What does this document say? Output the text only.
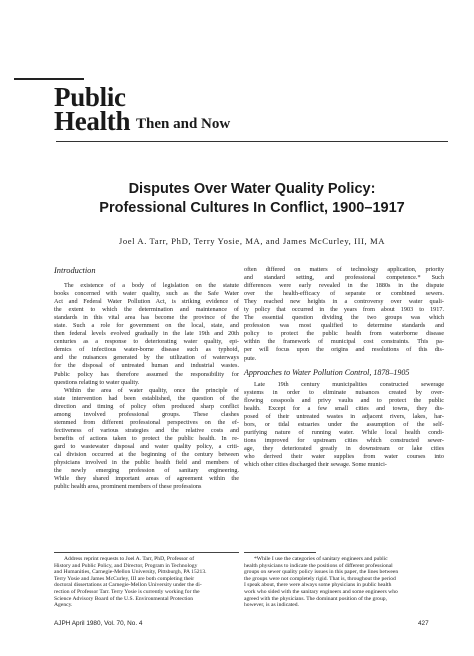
Public
Health Then and Now
Disputes Over Water Quality Policy:
Professional Cultures In Conflict, 1900–1917
Joel A. Tarr, PhD, Terry Yosie, MA, and James McCurley, III, MA
Introduction
The existence of a body of legislation on the statute
books concerned with water quality, such as the Safe Water
Act and Federal Water Pollution Act, is striking evidence of
the extent to which the determination and maintenance of
standards in this vital area has become the province of the
state. Such a role for government on the local, state, and
then federal levels evolved gradually in the late 19th and 20th
centuries as a response to deteriorating water quality, epi-
demics of infectious water-borne disease such as typhoid,
and the nuisances generated by the utilization of waterways
for the disposal of untreated human and industrial wastes.
Public policy has therefore assumed the responsibility for
questions relating to water quality.
Within the area of water quality, once the principle of
state intervention had been established, the question of the
direction and timing of policy often produced sharp conflict
among involved professional groups. These clashes
stemmed from different professional perspectives on the ef-
fectiveness of various strategies and the relative costs and
benefits of actions taken to protect the public health. In re-
gard to wastewater disposal and water quality policy, a criti-
cal division occurred at the beginning of the century between
physicians involved in the public health field and members of
the newly emerging profession of sanitary engineering.
While they shared important areas of agreement within the
public health area, prominent members of these professions
often differed on matters of technology application, priority
and standard setting, and professional competence.* Such
differences were early revealed in the 1880s in the dispute
over the health-efficacy of separate or combined sewers.
They reached new heights in a controversy over water quali-
ty policy that occurred in the years from about 1903 to 1917.
The essential question dividing the two groups was which
profession was most qualified to determine standards and
policy to protect the public health from waterborne disease
within the framework of municipal cost constraints. This pa-
per will focus upon the origins and resolutions of this dis-
pute.
Approaches to Water Pollution Control, 1878–1905
Late 19th century municipalities constructed sewerage
systems in order to eliminate nuisances created by over-
flowing cesspools and privy vaults and to protect the public
health. Except for a few small cities and towns, they dis-
posed of their untreated wastes in adjacent rivers, lakes, har-
bors, or tidal estuaries under the assumption of the self-
purifying nature of running water. While local health condi-
tions improved for upstream cities which constructed sewer-
age, they deteriorated greatly in downstream or lake cities
who derived their water supplies from water courses into
which other cities discharged their sewage. Some munici-
Address reprint requests to Joel A. Tarr, PhD, Professor of
History and Public Policy, and Director, Program in Technology
and Humanities, Carnegie-Mellon University, Pittsburgh, PA 15213.
Terry Yosie and James McCurley, III are both completing their
doctoral dissertations at Carnegie-Mellon University under the di-
rection of Professor Tarr. Terry Yosie is currently working for the
Science Advisory Board of the U.S. Environmental Protection
Agency.
*While I use the categories of sanitary engineers and public
health physicians to indicate the positions of different professional
groups on sewer quality policy issues in this paper, the lines between
the groups were not completely rigid. That is, throughout the period
I speak about, there were always some physicians in public health
work who sided with the sanitary engineers and some engineers who
agreed with the physicians. The dominant position of the group,
however, is as indicated.
AJPH April 1980, Vol. 70, No. 4	427
